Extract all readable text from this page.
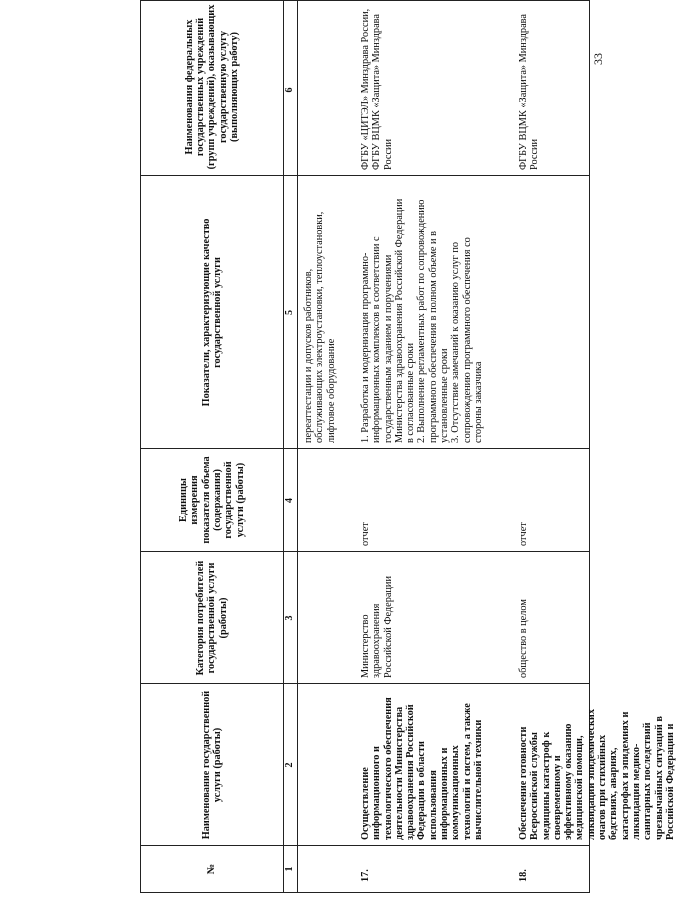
№
Наименование государственной услуги (работы)
Категория потребителей государственной услуги (работы)
Единицы измерения показателя объема (содержания) государственной услуги (работы)
Показатели, характеризующие качество государственной услуги
Наименования федеральных государственных учреждений (групп учреждений), оказывающих государственную услугу (выполняющих работу)
1
2
3
4
5
6
переаттестации и допусков работников, обслуживающих электроустановки, теплоустановки, лифтовое оборудование
17.
Осуществление информационного и технологического обеспечения деятельности Министерства здравоохранения Российской Федерации в области использования информационных и коммуникационных технологий и систем, а также вычислительной техники
Министерство здравоохранения Российской Федерации
отчет
1. Разработка и модернизация программно-информационных комплексов в соответствии с государственным заданием и поручениями Министерства здравоохранения Российской Федерации в согласованные сроки 2. Выполнение регламентных работ по сопровождению программного обеспечения в полном объеме и в установленные сроки 3. Отсутствие замечаний к оказанию услуг по сопровождению программного обеспечения со стороны заказчика
ФГБУ «ЦИТЭЛ» Минздрава России, ФГБУ ВЦМК «Защита» Минздрава России
18.
Обеспечение готовности Всероссийской службы медицины катастроф к своевременному и эффективному оказанию медицинской помощи, ликвидации эпидемических очагов при стихийных бедствиях, авариях, катастрофах и эпидемиях и ликвидация медико-санитарных последствий чрезвычайных ситуаций в Российской Федерации и
общество в целом
отчет
ФГБУ ВЦМК «Защита» Минздрава России
33
